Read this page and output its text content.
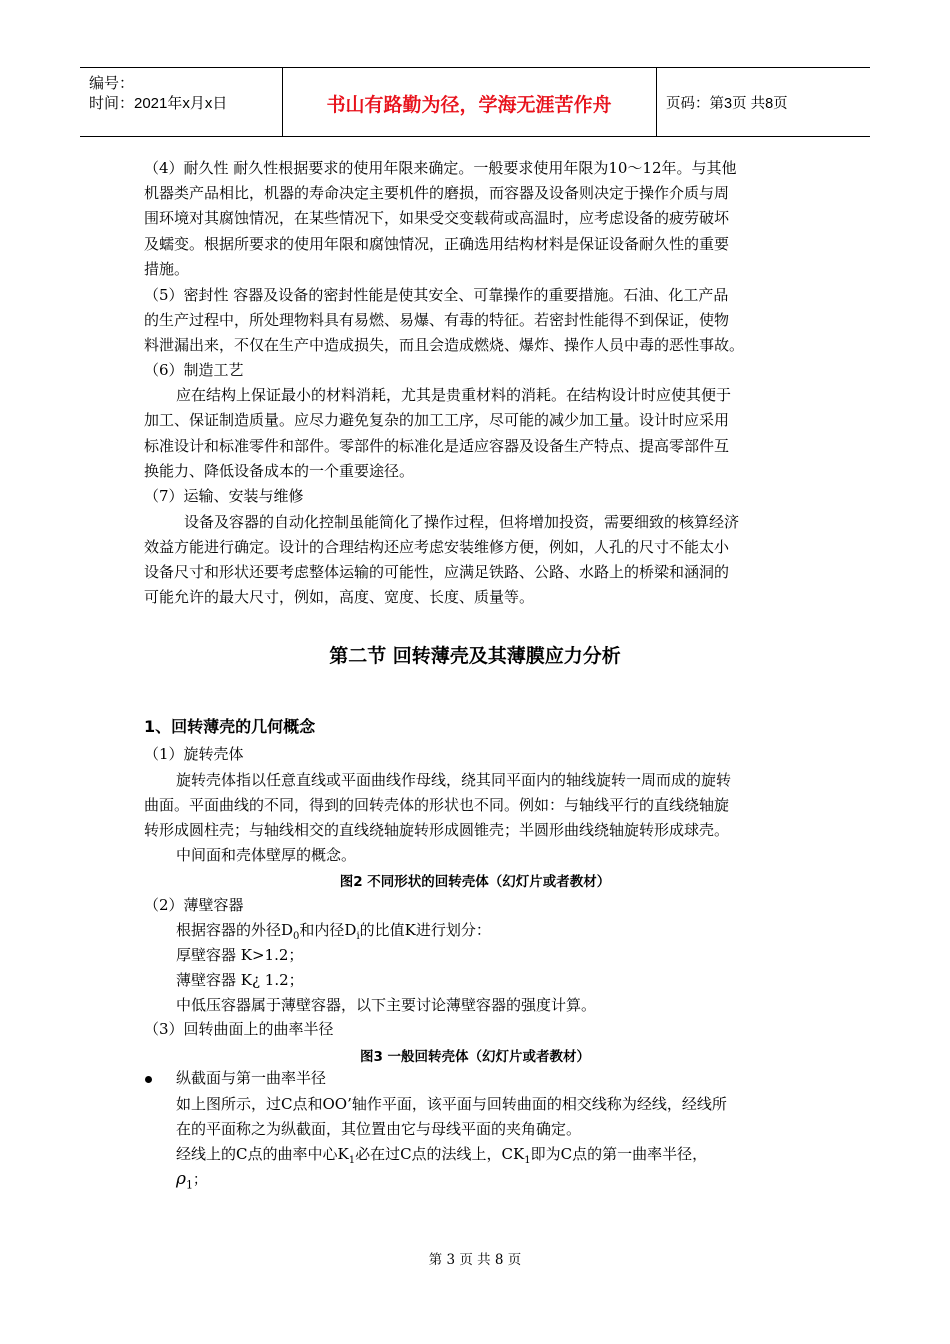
编号：
时间：2021年x月x日	书山有路勤为径，学海无涯苦作舟	页码：第3页 共8页
（4）耐久性 耐久性根据要求的使用年限来确定。一般要求使用年限为10～12年。与其他
机器类产品相比，机器的寿命决定主要机件的磨损，而容器及设备则决定于操作介质与周
围环境对其腐蚀情况，在某些情况下，如果受交变载荷或高温时，应考虑设备的疲劳破坏
及蠕变。根据所要求的使用年限和腐蚀情况，正确选用结构材料是保证设备耐久性的重要
措施。
（5）密封性 容器及设备的密封性能是使其安全、可靠操作的重要措施。石油、化工产品
的生产过程中，所处理物料具有易燃、易爆、有毒的特征。若密封性能得不到保证，使物
料泄漏出来，不仅在生产中造成损失，而且会造成燃烧、爆炸、操作人员中毒的恶性事故。
（6）制造工艺
应在结构上保证最小的材料消耗，尤其是贵重材料的消耗。在结构设计时应使其便于
加工、保证制造质量。应尽力避免复杂的加工工序，尽可能的减少加工量。设计时应采用
标准设计和标准零件和部件。零部件的标准化是适应容器及设备生产特点、提高零部件互
换能力、降低设备成本的一个重要途径。
（7）运输、安装与维修
设备及容器的自动化控制虽能简化了操作过程，但将增加投资，需要细致的核算经济
效益方能进行确定。设计的合理结构还应考虑安装维修方便，例如，人孔的尺寸不能太小
设备尺寸和形状还要考虑整体运输的可能性，应满足铁路、公路、水路上的桥梁和涵洞的
可能允许的最大尺寸，例如，高度、宽度、长度、质量等。
第二节 回转薄壳及其薄膜应力分析
1、回转薄壳的几何概念
（1）旋转壳体
旋转壳体指以任意直线或平面曲线作母线，绕其同平面内的轴线旋转一周而成的旋转
曲面。平面曲线的不同，得到的回转壳体的形状也不同。例如：与轴线平行的直线绕轴旋
转形成圆柱壳；与轴线相交的直线绕轴旋转形成圆锥壳；半圆形曲线绕轴旋转形成球壳。
中间面和壳体壁厚的概念。
图2 不同形状的回转壳体（幻灯片或者教材）
（2）薄壁容器
根据容器的外径$D_0$和内径$D_i$的比值K进行划分：
厚壁容器 K>1.2；
薄壁容器 K¿ 1.2；
中低压容器属于薄壁容器，以下主要讨论薄壁容器的强度计算。
（3）回转曲面上的曲率半径
图3 一般回转壳体（幻灯片或者教材）
纵截面与第一曲率半径
如上图所示，过C点和OO’轴作平面，该平面与回转曲面的相交线称为经线，经线所
在的平面称之为纵截面，其位置由它与母线平面的夹角确定。
经线上的C点的曲率中心$K_1$必在过C点的法线上，$CK_1$即为C点的第一曲率半径，
$\rho_1$；
第 3 页 共 8 页
